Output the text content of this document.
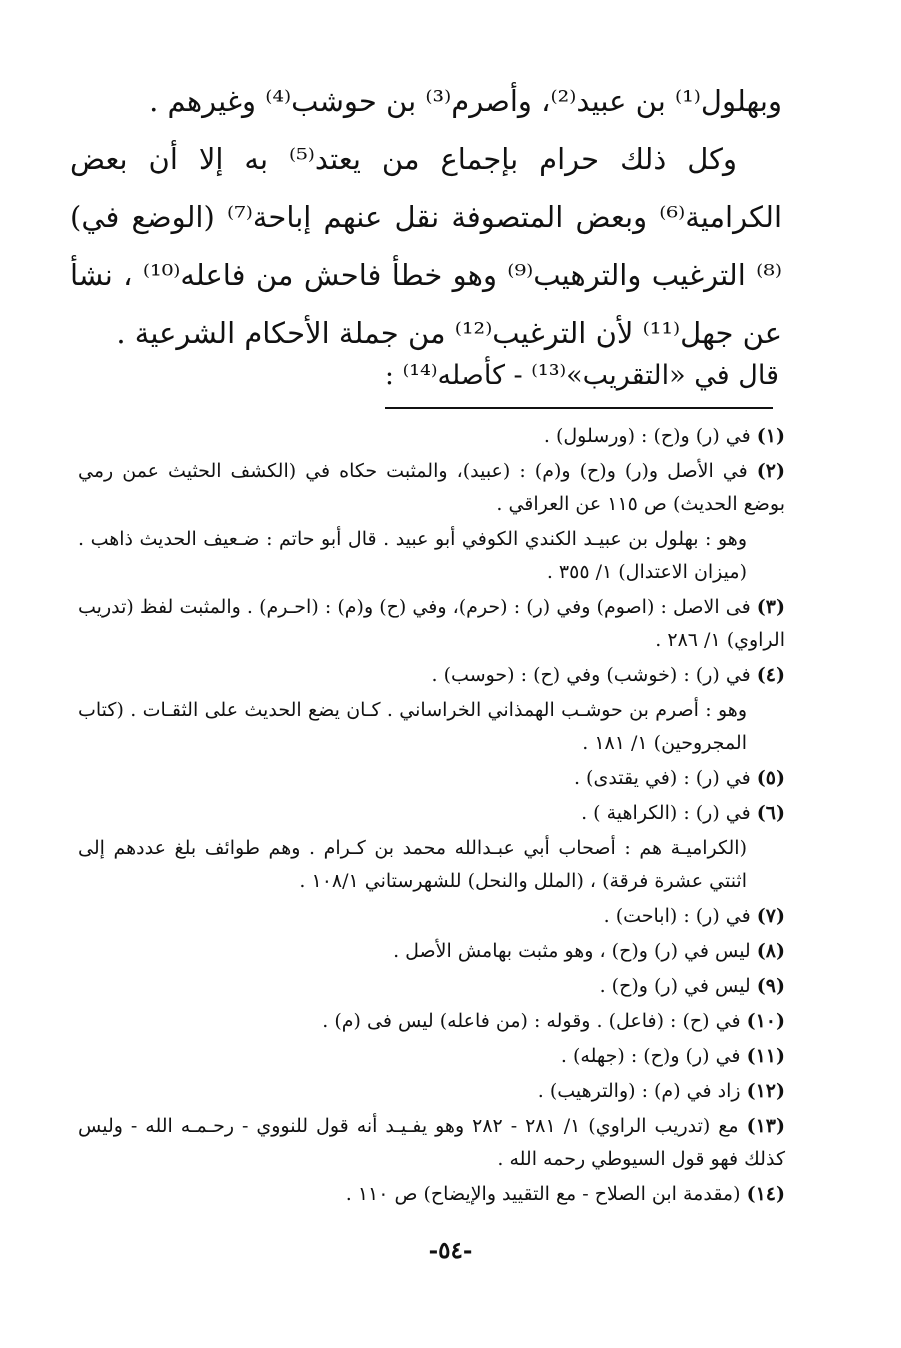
وبهلول⁽¹⁾ بن عبيد⁽²⁾، وأصرم⁽³⁾ بن حوشب⁽⁴⁾ وغيرهم .

وكل ذلك حرام بإجماع من يعتد⁽⁵⁾ به إلا أن بعض الكرامية⁽⁶⁾ وبعض المتصوفة نقل عنهم إباحة⁽⁷⁾ (الوضع في)⁽⁸⁾ الترغيب والترهيب⁽⁹⁾ وهو خطأ فاحش من فاعله⁽¹⁰⁾ ، نشأ عن جهل⁽¹¹⁾ لأن الترغيب⁽¹²⁾ من جملة الأحكام الشرعية .

قال في «التقريب»⁽¹³⁾ - كأصله⁽¹⁴⁾ :

(١) في (ر) و(ح) : (ورسلول) .

(٢) في الأصل و(ر) و(ح) و(م) : (عبيد)، والمثبت حكاه في (الكشف الحثيث عمن رمي بوضع الحديث) ص ١١٥ عن العراقي .

وهو : بهلول بن عبيـد الكندي الكوفي أبو عبيد . قال أبو حاتم : ضـعيف الحديث ذاهب . (ميزان الاعتدال) ١/ ٣٥٥ .

(٣) فى الاصل : (اصوم) وفي (ر) : (حرم)، وفي (ح) و(م) : (احـرم) . والمثبت لفظ (تدريب الراوي) ١/ ٢٨٦ .

(٤) في (ر) : (خوشب) وفي (ح) : (حوسب) .

وهو : أصرم بن حوشـب الهمذاني الخراساني . كـان يضع الحديث على الثقـات . (كتاب المجروحين) ١/ ١٨١ .

(٥) في (ر) : (في يقتدى) .

(٦) في (ر) : (الكراهية ) .

(الكراميـة هم : أصحاب أبي عبـدالله محمد بن كـرام . وهم طوائف بلغ عددهم إلى اثنتي عشرة فرقة) ، (الملل والنحل) للشهرستاني ١٠٨/١ .

(٧) في (ر) : (اباحت) .

(٨) ليس في (ر) و(ح) ، وهو مثبت بهامش الأصل .

(٩) ليس في (ر) و(ح) .

(١٠) في (ح) : (فاعل) . وقوله : (من فاعله) ليس فى (م) .

(١١) في (ر) و(ح) : (جهله) .

(١٢) زاد في (م) : (والترهيب) .

(١٣) مع (تدريب الراوي) ١/ ٢٨١ - ٢٨٢ وهو يفـيـد أنه قول للنووي - رحـمـه الله - وليس كذلك فهو قول السيوطي رحمه الله .

(١٤) (مقدمة ابن الصلاح - مع التقييد والإيضاح) ص ١١٠ .

-٥٤-
